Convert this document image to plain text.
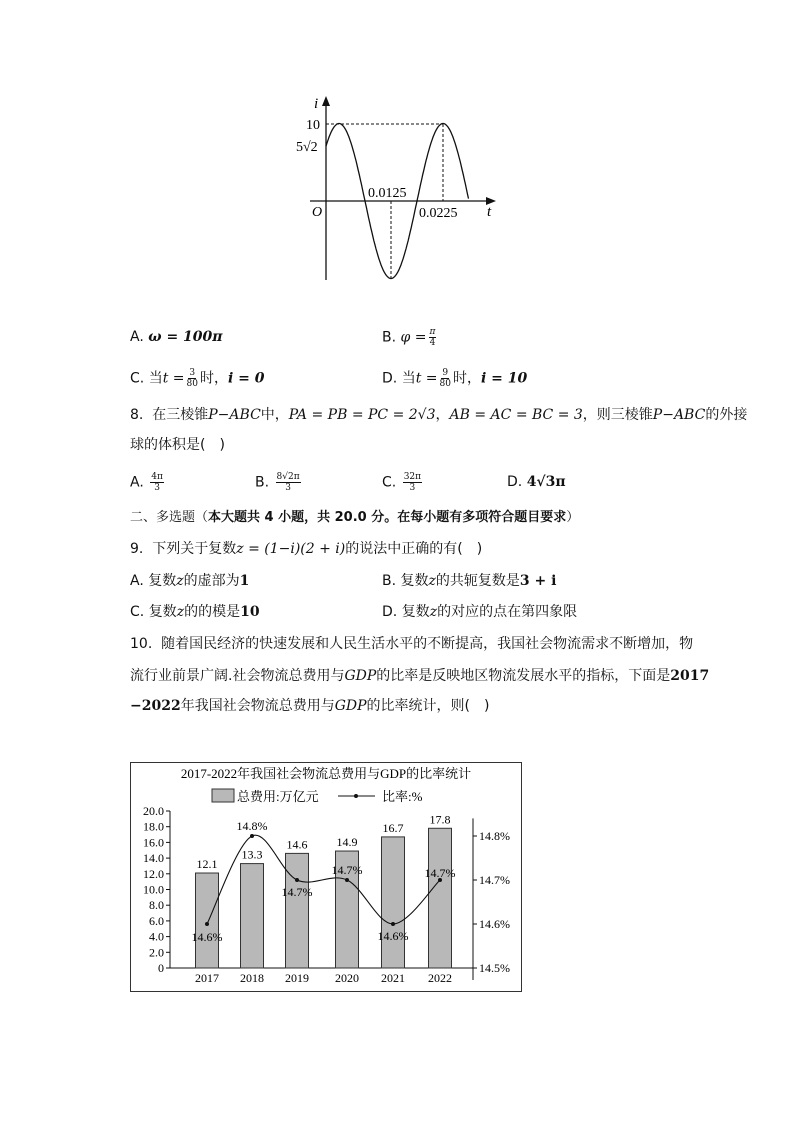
i
t
O
10
5√2
0.0125
0.0225
A. ω = 100π	B. $\varphi = \frac{\pi}{4}$
C. 当$t = \frac{3}{80}$ 时，i = 0	D. 当$t = \frac{9}{80}$ 时，i = 10
8. 在三棱锥P−ABC中，PA = PB = PC = 2√3，AB = AC = BC = 3，则三棱锥P−ABC的外接
球的体积是(　)
A. $\frac{4\pi}{3}$	B. $\frac{8√2\pi}{3}$	C. $\frac{32\pi}{3}$	D. 4√3π
二、多选题（本大题共 4 小题，共 20.0 分。在每小题有多项符合题目要求）
9. 下列关于复数z = (1−i)(2 + i)的说法中正确的有(　)
A. 复数z的虚部为1	B. 复数z的共轭复数是3 + i
C. 复数z的的模是10	D. 复数z的对应的点在第四象限
10. 随着国民经济的快速发展和人民生活水平的不断提高，我国社会物流需求不断增加，物
流行业前景广阔.社会物流总费用与GDP的比率是反映地区物流发展水平的指标，下面是2017
−2022年我国社会物流总费用与GDP的比率统计，则(　)
2017-2022年我国社会物流总费用与GDP的比率统计
总费用:万亿元	比率:%
0
2.0
4.0
6.0
8.0
10.0
12.0
14.0
16.0
18.0
20.0
14.5%
14.6%
14.7%
14.8%
12.1
2017
13.3
2018
14.6
2019
14.9
2020
16.7
2021
17.8
2022
14.6%
14.8%
14.7%
14.7%
14.6%
14.7%
